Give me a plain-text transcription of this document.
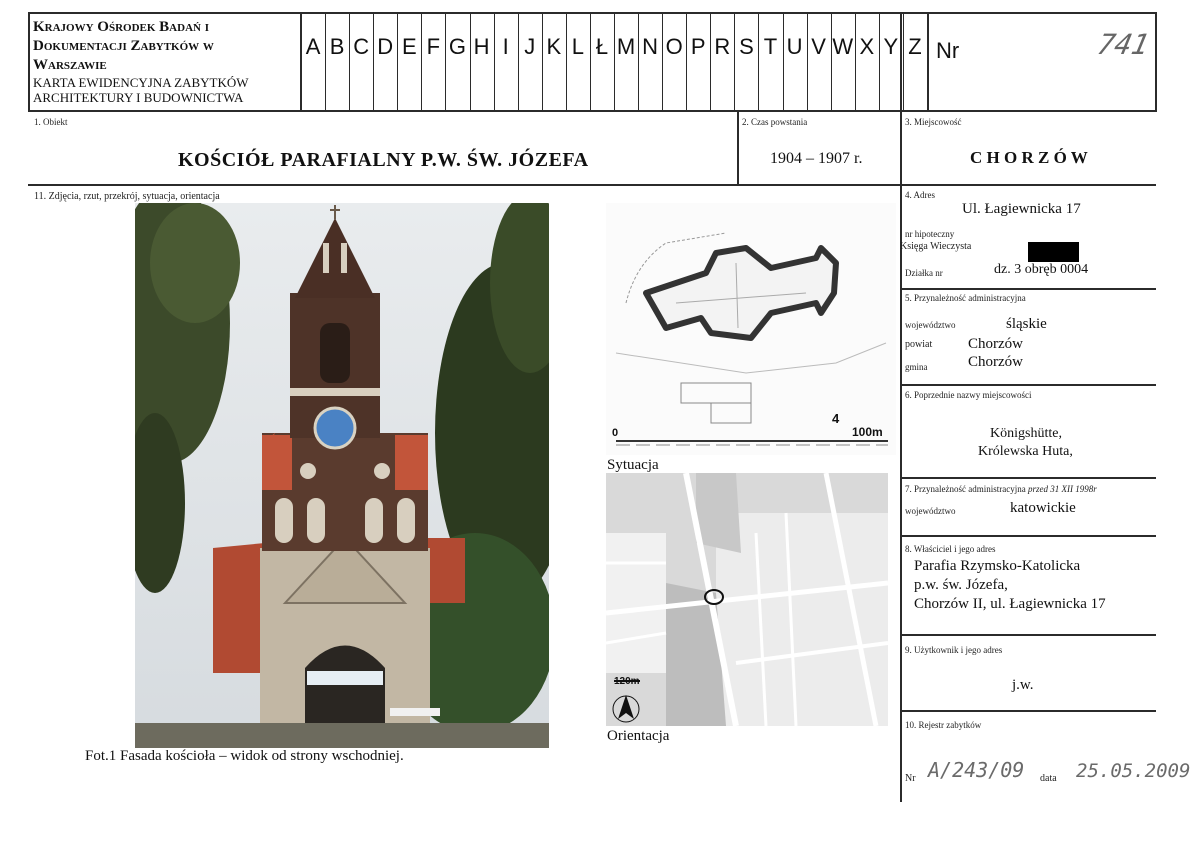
Krajowy Ośrodek Badań i
Dokumentacji Zabytków w
Warszawie
KARTA EWIDENCYJNA ZABYTKÓW
ARCHITEKTURY I BUDOWNICTWA
A B C D E F G H I J K L Ł M N O P R S T U V W X Y Z Nr	741
1. Obiekt
KOŚCIÓŁ PARAFIALNY P.W. ŚW. JÓZEFA
2. Czas powstania
1904 – 1907 r.
3. Miejscowość
C H O R Z Ó W
4. Adres
Ul. Łagiewnicka 17
nr hipoteczny
Księga Wieczysta
Działka nr	dz. 3 obręb 0004
5. Przynależność administracyjna
województwo	śląskie
powiat Chorzów
gmina	Chorzów
6. Poprzednie nazwy miejscowości
Königshütte,
Królewska Huta,
7. Przynależność administracyjna przed 31 XII 1998r
województwo	katowickie
8. Właściciel i jego adres
Parafia Rzymsko-Katolicka
p.w. św. Józefa,
Chorzów II, ul. Łagiewnicka 17
9. Użytkownik i jego adres
j.w.
10. Rejestr zabytków
Nr A/243/09 data 25.05.2009
11. Zdjęcia, rzut, przekrój, sytuacja, orientacja
Fot.1 Fasada kościoła – widok od strony wschodniej.
0
4
100m
Sytuacja
120m
Orientacja
